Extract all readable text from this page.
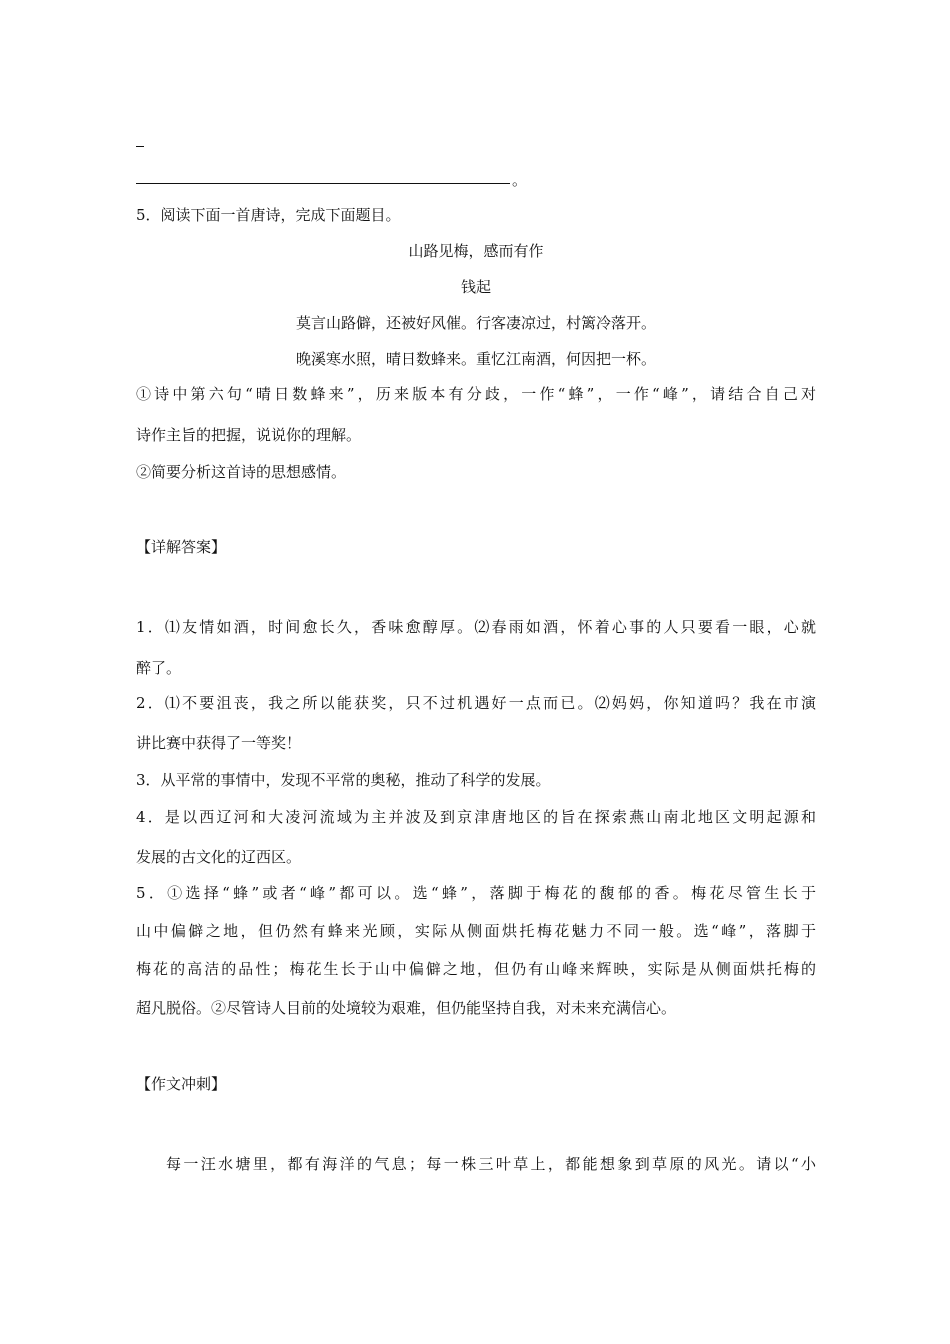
。
5．阅读下面一首唐诗，完成下面题目。
山路见梅，感而有作
钱起
莫言山路僻，还被好风催。行客凄凉过，村篱冷落开。
晚溪寒水照，晴日数蜂来。重忆江南酒，何因把一杯。
①诗中第六句“晴日数蜂来”，历来版本有分歧，一作“蜂”，一作“峰”，请结合自己对
诗作主旨的把握，说说你的理解。
②简要分析这首诗的思想感情。
【详解答案】
1．⑴友情如酒，时间愈长久，香味愈醇厚。⑵春雨如酒，怀着心事的人只要看一眼，心就
醉了。
2．⑴不要沮丧，我之所以能获奖，只不过机遇好一点而已。⑵妈妈，你知道吗？我在市演
讲比赛中获得了一等奖！
3．从平常的事情中，发现不平常的奥秘，推动了科学的发展。
4．是以西辽河和大凌河流域为主并波及到京津唐地区的旨在探索燕山南北地区文明起源和
发展的古文化的辽西区。
5．①选择“蜂”或者“峰”都可以。选“蜂”，落脚于梅花的馥郁的香。梅花尽管生长于
山中偏僻之地，但仍然有蜂来光顾，实际从侧面烘托梅花魅力不同一般。选“峰”，落脚于
梅花的高洁的品性；梅花生长于山中偏僻之地，但仍有山峰来辉映，实际是从侧面烘托梅的
超凡脱俗。②尽管诗人目前的处境较为艰难，但仍能坚持自我，对未来充满信心。
【作文冲刺】
每一汪水塘里，都有海洋的气息；每一株三叶草上，都能想象到草原的风光。请以“小
